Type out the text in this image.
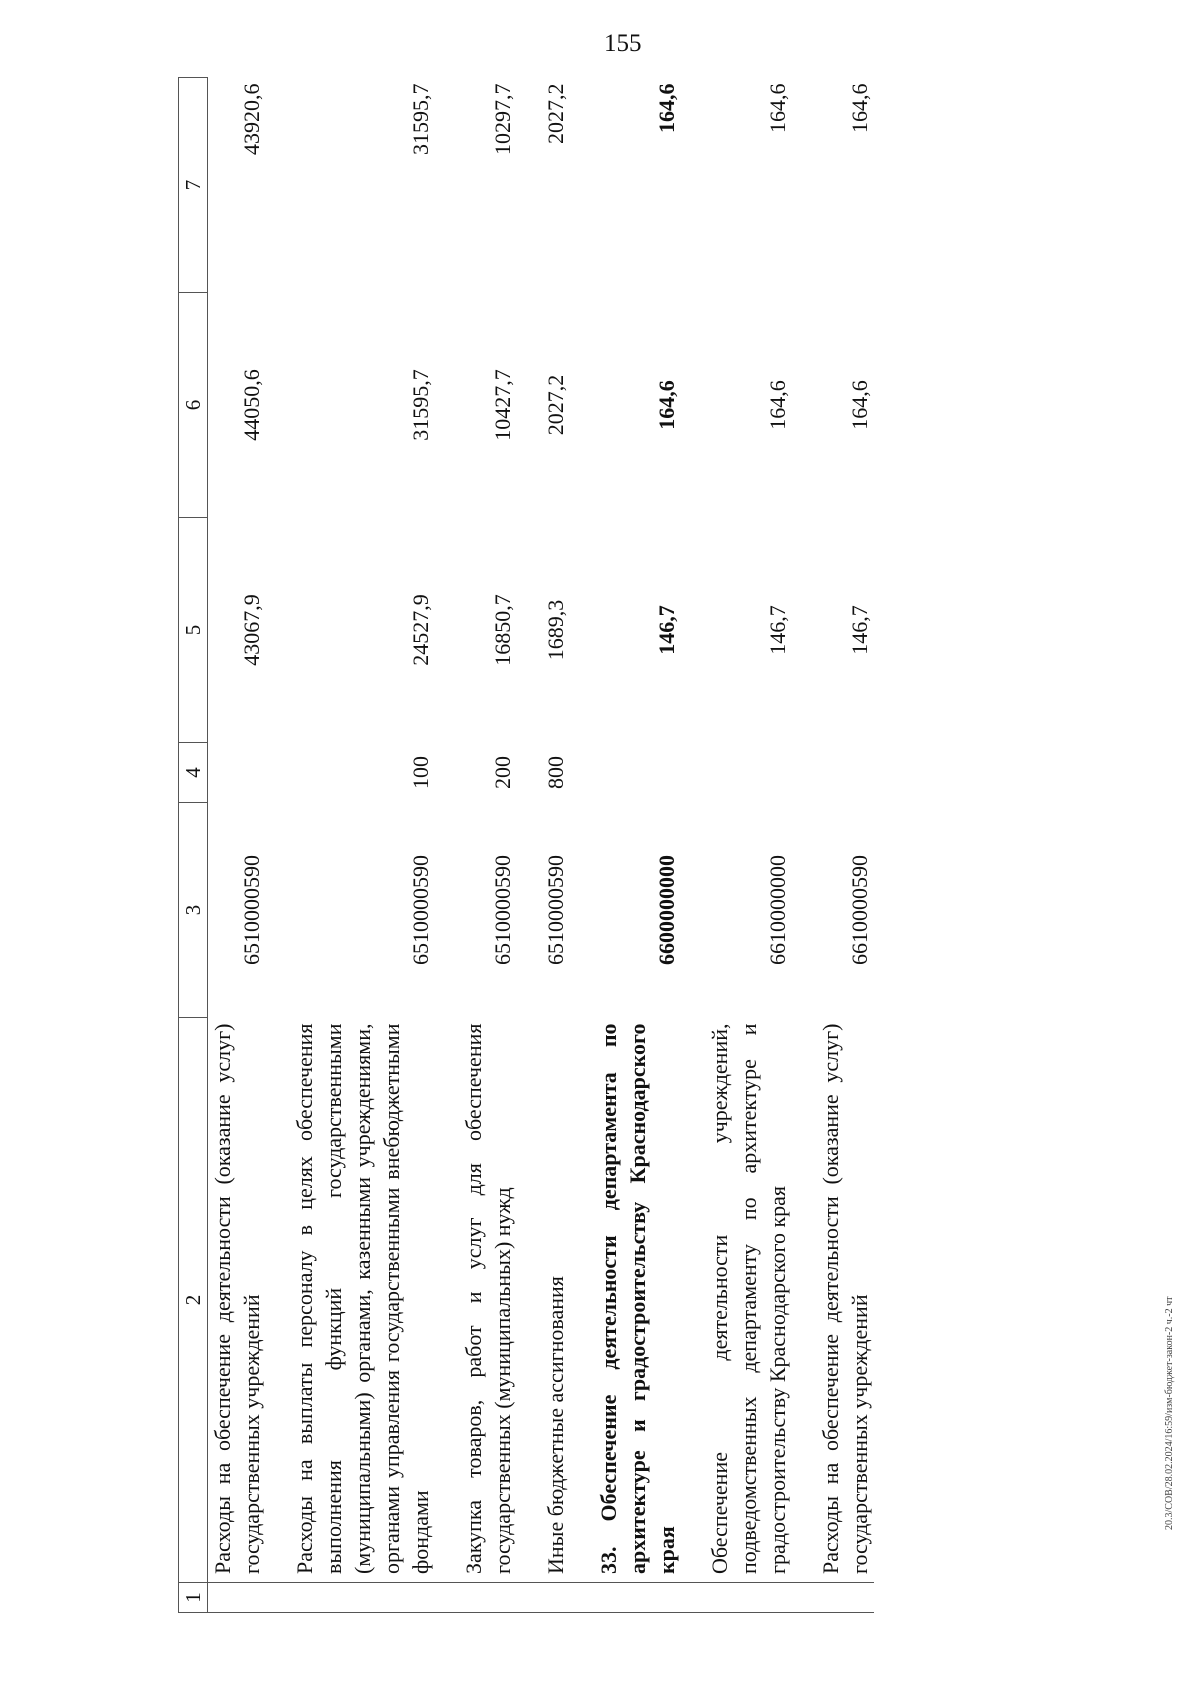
155
1	2	3	4	5	6	7
	Расходы на обеспечение деятельности (оказание услуг) государственных учреждений	6510000590		43067,9	44050,6	43920,6
	Расходы на выплаты персоналу в целях обеспечения выполнения функций государственными (муниципальными) органами, казенными учреждениями, органами управления государственными внебюджетными фондами	6510000590	100	24527,9	31595,7	31595,7
	Закупка товаров, работ и услуг для обеспечения государственных (муниципальных) нужд	6510000590	200	16850,7	10427,7	10297,7
	Иные бюджетные ассигнования	6510000590	800	1689,3	2027,2	2027,2
	33. Обеспечение деятельности департамента по архитектуре и градостроительству Краснодарского края	6600000000		146,7	164,6	164,6
	Обеспечение деятельности учреждений, подведомственных департаменту по архитектуре и градостроительству Краснодарского края	6610000000		146,7	164,6	164,6
	Расходы на обеспечение деятельности (оказание услуг) государственных учреждений	6610000590		146,7	164,6	164,6
20.3/СОВ/28.02.2024/16:59/изм-бюджет-закон-2 ч.-2 чт
